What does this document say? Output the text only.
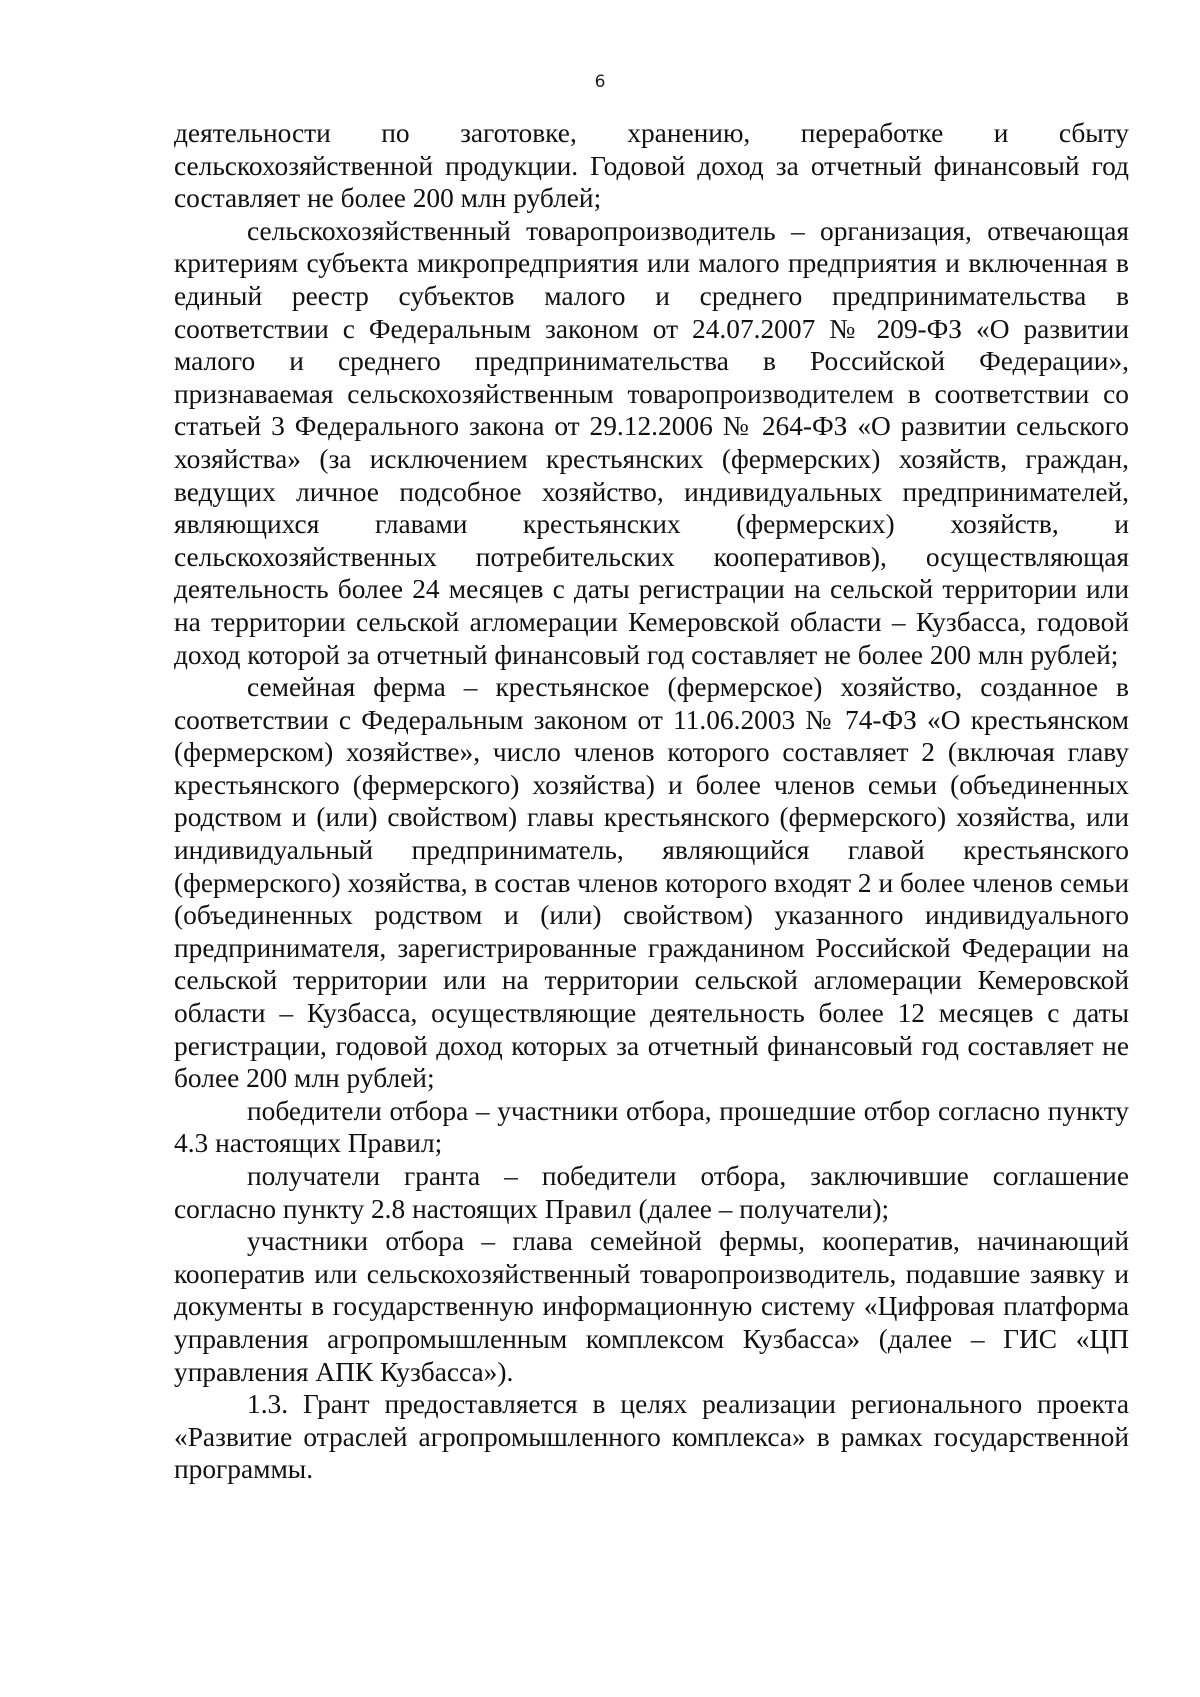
6

деятельности по заготовке, хранению, переработке и сбыту сельскохозяйственной продукции. Годовой доход за отчетный финансовый год составляет не более 200 млн рублей;

сельскохозяйственный товаропроизводитель – организация, отвечающая критериям субъекта микропредприятия или малого предприятия и включенная в единый реестр субъектов малого и среднего предпринимательства в соответствии с Федеральным законом от 24.07.2007 № 209-ФЗ «О развитии малого и среднего предпринимательства в Российской Федерации», признаваемая сельскохозяйственным товаропроизводителем в соответствии со статьей 3 Федерального закона от 29.12.2006 № 264-ФЗ «О развитии сельского хозяйства» (за исключением крестьянских (фермерских) хозяйств, граждан, ведущих личное подсобное хозяйство, индивидуальных предпринимателей, являющихся главами крестьянских (фермерских) хозяйств, и сельскохозяйственных потребительских кооперативов), осуществляющая деятельность более 24 месяцев с даты регистрации на сельской территории или на территории сельской агломерации Кемеровской области – Кузбасса, годовой доход которой за отчетный финансовый год составляет не более 200 млн рублей;

семейная ферма – крестьянское (фермерское) хозяйство, созданное в соответствии с Федеральным законом от 11.06.2003 № 74-ФЗ «О крестьянском (фермерском) хозяйстве», число членов которого составляет 2 (включая главу крестьянского (фермерского) хозяйства) и более членов семьи (объединенных родством и (или) свойством) главы крестьянского (фермерского) хозяйства, или индивидуальный предприниматель, являющийся главой крестьянского (фермерского) хозяйства, в состав членов которого входят 2 и более членов семьи (объединенных родством и (или) свойством) указанного индивидуального предпринимателя, зарегистрированные гражданином Российской Федерации на сельской территории или на территории сельской агломерации Кемеровской области – Кузбасса, осуществляющие деятельность более 12 месяцев с даты регистрации, годовой доход которых за отчетный финансовый год составляет не более 200 млн рублей;

победители отбора – участники отбора, прошедшие отбор согласно пункту 4.3 настоящих Правил;

получатели гранта – победители отбора, заключившие соглашение согласно пункту 2.8 настоящих Правил (далее – получатели);

участники отбора – глава семейной фермы, кооператив, начинающий кооператив или сельскохозяйственный товаропроизводитель, подавшие заявку и документы в государственную информационную систему «Цифровая платформа управления агропромышленным комплексом Кузбасса» (далее – ГИС «ЦП управления АПК Кузбасса»).

1.3. Грант предоставляется в целях реализации регионального проекта «Развитие отраслей агропромышленного комплекса» в рамках государственной программы.
